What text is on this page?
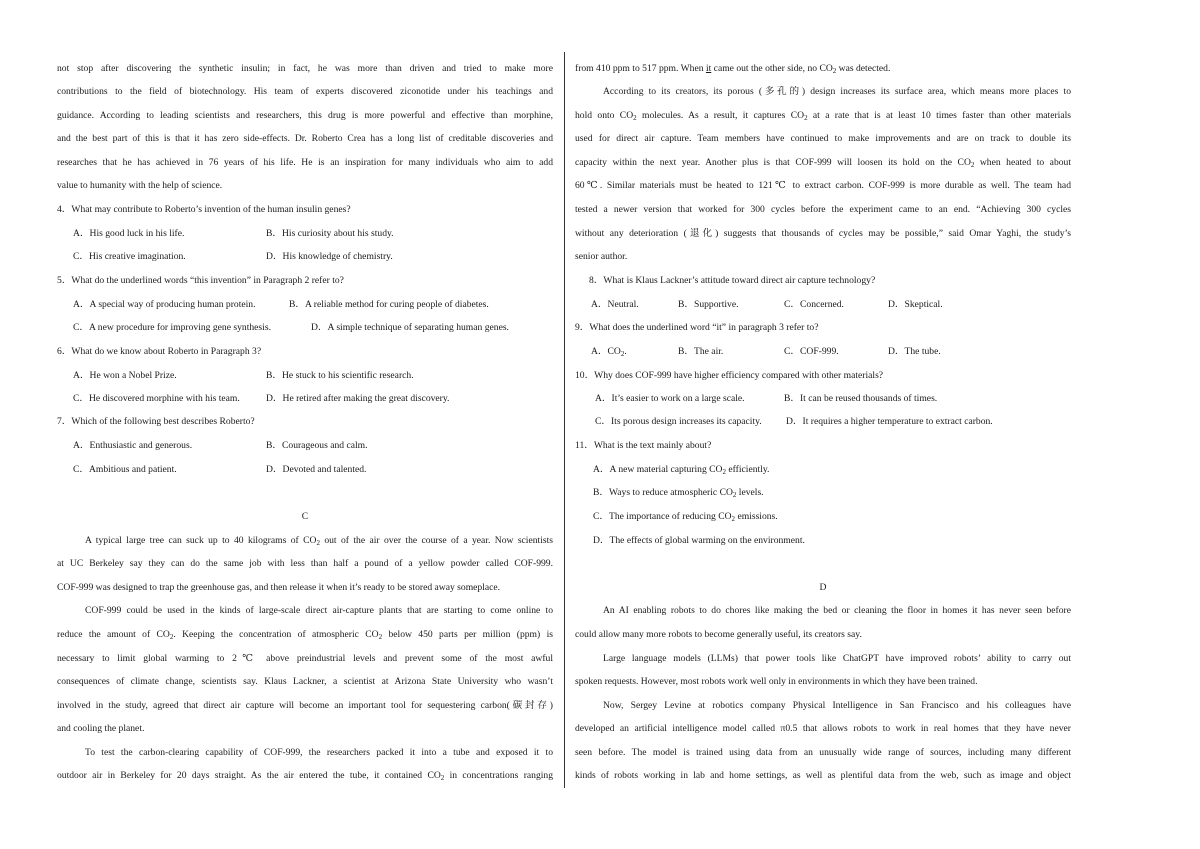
not stop after discovering the synthetic insulin; in fact, he was more than driven and tried to make more
contributions to the field of biotechnology. His team of experts discovered ziconotide under his teachings and
guidance. According to leading scientists and researchers, this drug is more powerful and effective than morphine,
and the best part of this is that it has zero side-effects. Dr. Roberto Crea has a long list of creditable discoveries and
researches that he has achieved in 76 years of his life. He is an inspiration for many individuals who aim to add
value to humanity with the help of science.
4．What may contribute to Roberto’s invention of the human insulin genes?
A．His good luck in his life.	B．His curiosity about his study.
C．His creative imagination.	D．His knowledge of chemistry.
5．What do the underlined words “this invention” in Paragraph 2 refer to?
A．A special way of producing human protein.	B．A reliable method for curing people of diabetes.
C．A new procedure for improving gene synthesis.	D．A simple technique of separating human genes.
6．What do we know about Roberto in Paragraph 3?
A．He won a Nobel Prize.	B．He stuck to his scientific research.
C．He discovered morphine with his team.	D．He retired after making the great discovery.
7．Which of the following best describes Roberto?
A．Enthusiastic and generous.	B．Courageous and calm.
C．Ambitious and patient.	D．Devoted and talented.
C
A typical large tree can suck up to 40 kilograms of $CO_2$ out of the air over the course of a year. Now scientists
at UC Berkeley say they can do the same job with less than half a pound of a yellow powder called COF-999.
COF-999 was designed to trap the greenhouse gas, and then release it when it’s ready to be stored away someplace.
COF-999 could be used in the kinds of large-scale direct air-capture plants that are starting to come online to
reduce the amount of $CO_2$. Keeping the concentration of atmospheric $CO_2$ below 450 parts per million (ppm) is
necessary to limit global warming to 2℃ above preindustrial levels and prevent some of the most awful
consequences of climate change, scientists say. Klaus Lackner, a scientist at Arizona State University who wasn’t
involved in the study, agreed that direct air capture will become an important tool for sequestering carbon(碳封存)
and cooling the planet.
To test the carbon-clearing capability of COF-999, the researchers packed it into a tube and exposed it to
outdoor air in Berkeley for 20 days straight. As the air entered the tube, it contained $CO_2$ in concentrations ranging
from 410 ppm to 517 ppm. When it came out the other side, no $CO_2$ was detected.
According to its creators, its porous (多孔的) design increases its surface area, which means more places to
hold onto $CO_2$ molecules. As a result, it captures $CO_2$ at a rate that is at least 10 times faster than other materials
used for direct air capture. Team members have continued to make improvements and are on track to double its
capacity within the next year. Another plus is that COF-999 will loosen its hold on the $CO_2$ when heated to about
60℃. Similar materials must be heated to 121℃ to extract carbon. COF-999 is more durable as well. The team had
tested a newer version that worked for 300 cycles before the experiment came to an end. “Achieving 300 cycles
without any deterioration (退化) suggests that thousands of cycles may be possible,” said Omar Yaghi, the study’s
senior author.
8．What is Klaus Lackner’s attitude toward direct air capture technology?
A．Neutral.	B．Supportive.	C．Concerned.	D．Skeptical.
9．What does the underlined word “it” in paragraph 3 refer to?
A．$CO_2$.	B．The air.	C．COF-999.	D．The tube.
10．Why does COF-999 have higher efficiency compared with other materials?
A．It’s easier to work on a large scale.	B．It can be reused thousands of times.
C．Its porous design increases its capacity.	D．It requires a higher temperature to extract carbon.
11．What is the text mainly about?
A．A new material capturing $CO_2$ efficiently.
B．Ways to reduce atmospheric $CO_2$ levels.
C．The importance of reducing $CO_2$ emissions.
D．The effects of global warming on the environment.
D
An AI enabling robots to do chores like making the bed or cleaning the floor in homes it has never seen before
could allow many more robots to become generally useful, its creators say.
Large language models (LLMs) that power tools like ChatGPT have improved robots’ ability to carry out
spoken requests. However, most robots work well only in environments in which they have been trained.
Now, Sergey Levine at robotics company Physical Intelligence in San Francisco and his colleagues have
developed an artificial intelligence model called π0.5 that allows robots to work in real homes that they have never
seen before. The model is trained using data from an unusually wide range of sources, including many different
kinds of robots working in lab and home settings, as well as plentiful data from the web, such as image and object
